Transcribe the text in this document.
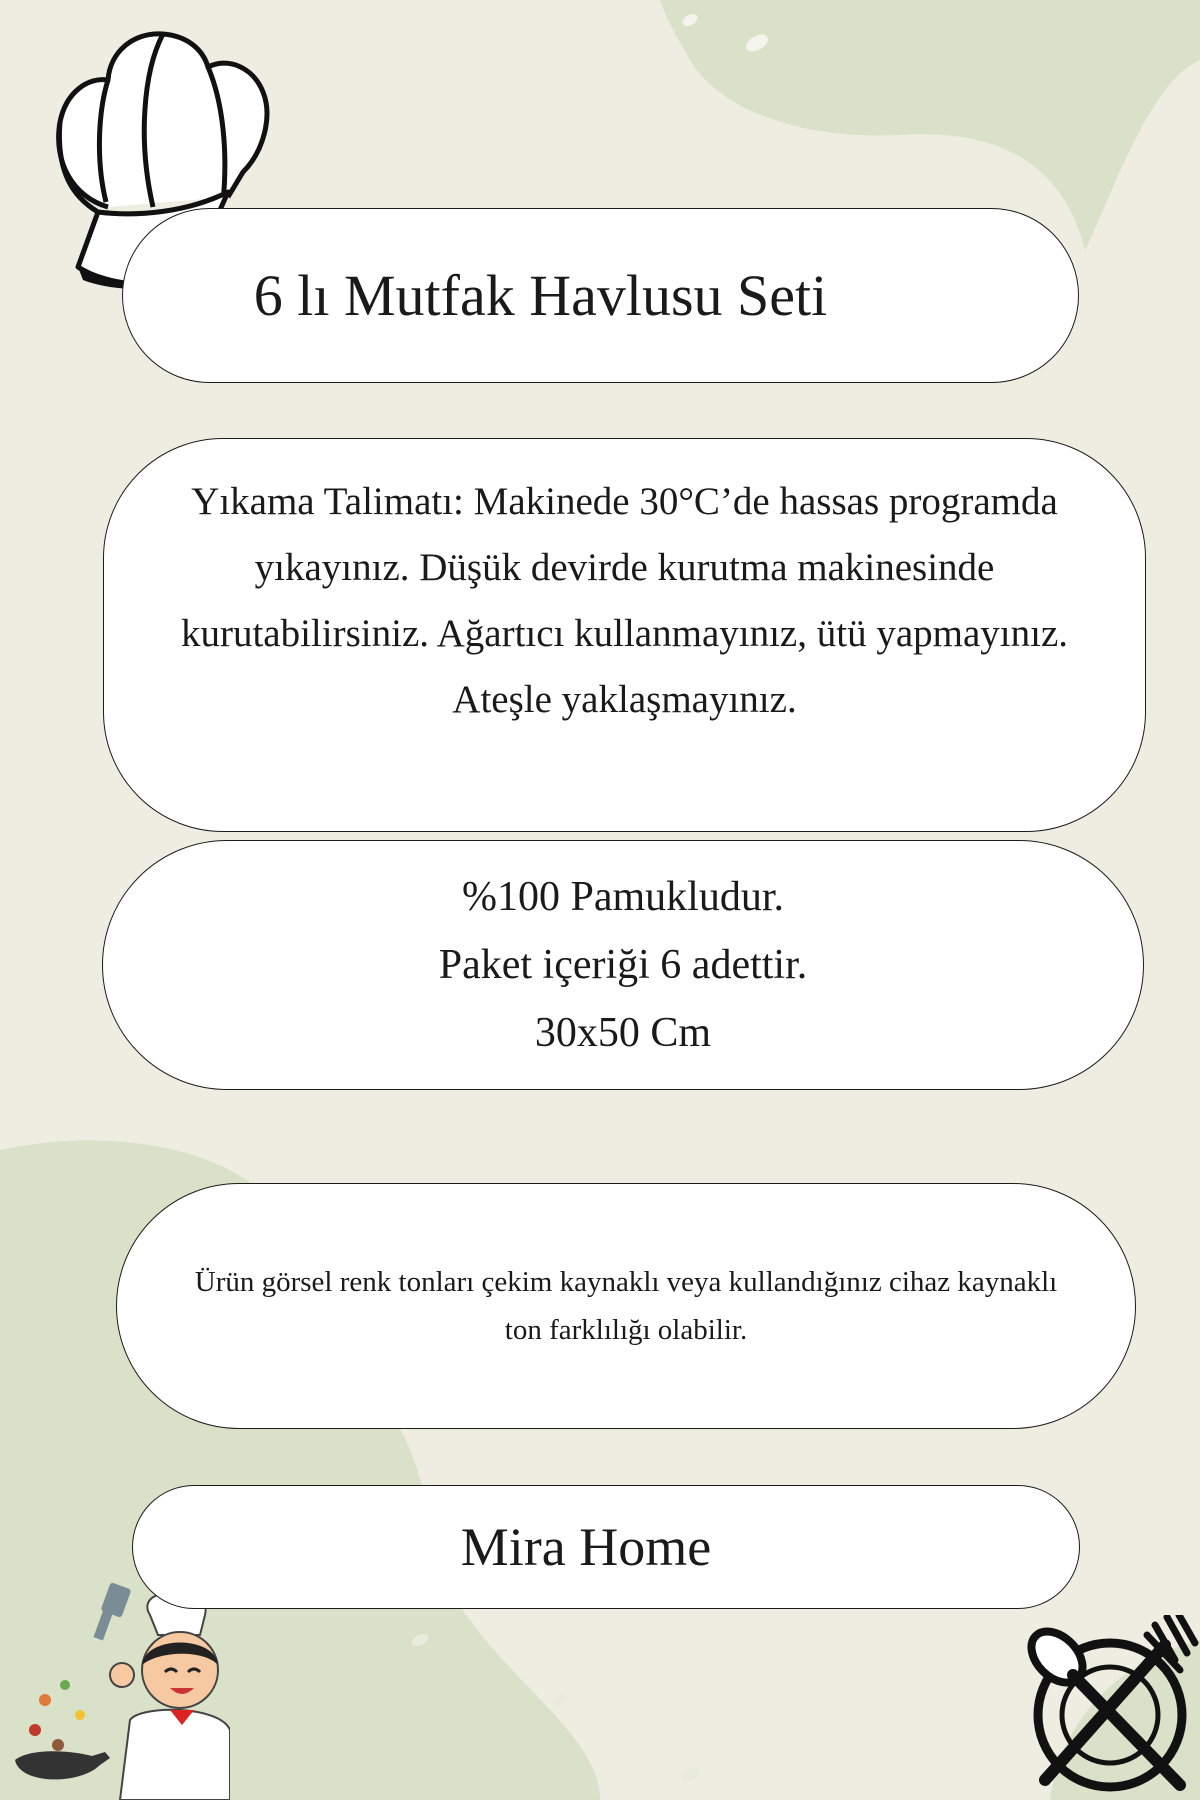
6 lı Mutfak Havlusu Seti
Yıkama Talimatı: Makinede 30°C’de hassas programda
yıkayınız. Düşük devirde kurutma makinesinde
kurutabilirsiniz. Ağartıcı kullanmayınız, ütü yapmayınız.
Ateşle yaklaşmayınız.
%100 Pamukludur.
Paket içeriği 6 adettir.
30x50 Cm
Ürün görsel renk tonları çekim kaynaklı veya kullandığınız cihaz kaynaklı
ton farklılığı olabilir.
Mira Home
